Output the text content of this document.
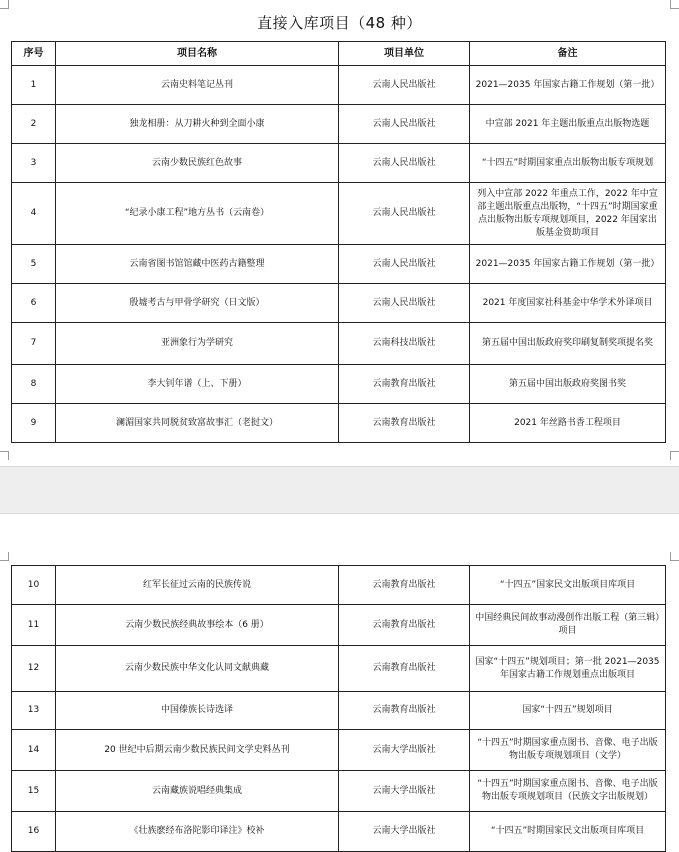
直接入库项目（48 种）
序号	项目名称	项目单位	备注
1	云南史料笔记丛刊	云南人民出版社	2021—2035 年国家古籍工作规划（第一批）
2	独龙相册：从刀耕火种到全面小康	云南人民出版社	中宣部 2021 年主题出版重点出版物选题
3	云南少数民族红色故事	云南人民出版社	“十四五”时期国家重点出版物出版专项规划
4	“纪录小康工程”地方丛书（云南卷）	云南人民出版社	列入中宣部 2022 年重点工作，2022 年中宣部主题出版重点出版物，“十四五”时期国家重点出版物出版专项规划项目，2022 年国家出版基金资助项目
5	云南省图书馆馆藏中医药古籍整理	云南人民出版社	2021—2035 年国家古籍工作规划（第一批）
6	殷墟考古与甲骨学研究（日文版）	云南人民出版社	2021 年度国家社科基金中华学术外译项目
7	亚洲象行为学研究	云南科技出版社	第五届中国出版政府奖印刷复制奖项提名奖
8	李大钊年谱（上、下册）	云南教育出版社	第五届中国出版政府奖图书奖
9	澜湄国家共同脱贫致富故事汇（老挝文）	云南教育出版社	2021 年丝路书香工程项目
10	红军长征过云南的民族传说	云南教育出版社	“十四五”国家民文出版项目库项目
11	云南少数民族经典故事绘本（6 册）	云南教育出版社	中国经典民间故事动漫创作出版工程（第三辑）项目
12	云南少数民族中华文化认同文献典藏	云南教育出版社	国家“十四五”规划项目；第一批 2021—2035 年国家古籍工作规划重点出版项目
13	中国傣族长诗选译	云南教育出版社	国家“十四五”规划项目
14	20 世纪中后期云南少数民族民间文学史料丛刊	云南大学出版社	“十四五”时期国家重点图书、音像、电子出版物出版专项规划项目（文学）
15	云南藏族说唱经典集成	云南大学出版社	“十四五”时期国家重点图书、音像、电子出版物出版专项规划项目（民族文字出版规划）
16	《壮族麽经布洛陀影印译注》校补	云南大学出版社	“十四五”时期国家民文出版项目库项目
